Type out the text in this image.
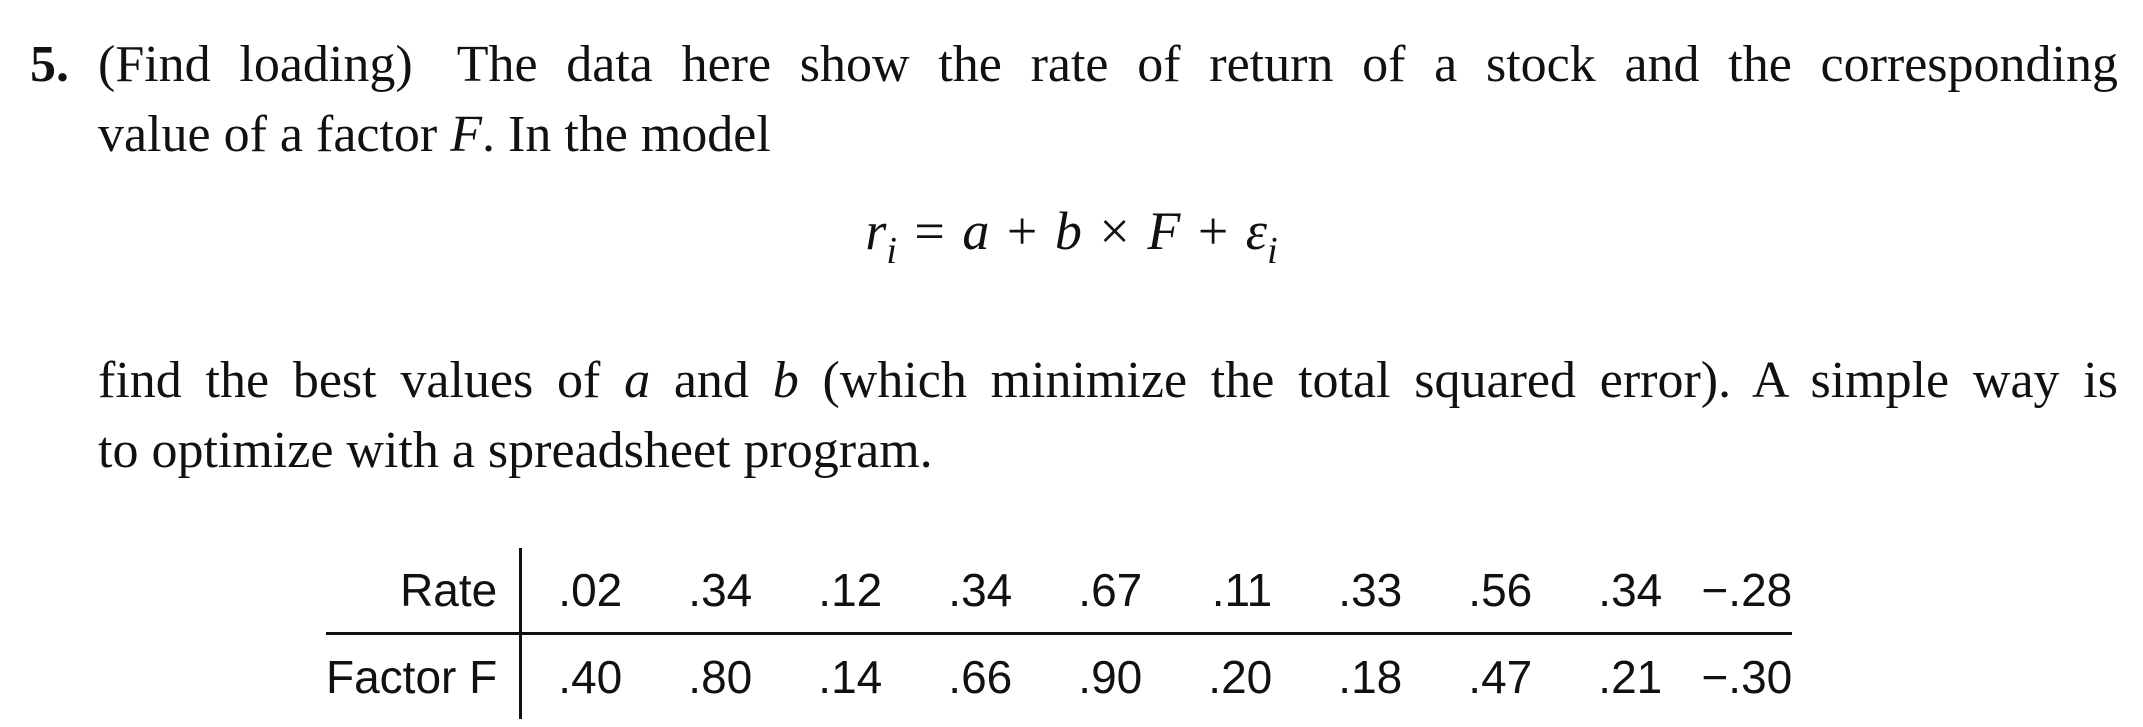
5. (Find loading) The data here show the rate of return of a stock and the corresponding
value of a factor F. In the model
find the best values of a and b (which minimize the total squared error). A simple way is
to optimize with a spreadsheet program.
$r_i = a + b \times F + \varepsilon_i$
Rate	.02	.34	.12	.34	.67	.11	.33	.56	.34	−.28
Factor F	.40	.80	.14	.66	.90	.20	.18	.47	.21	−.30
